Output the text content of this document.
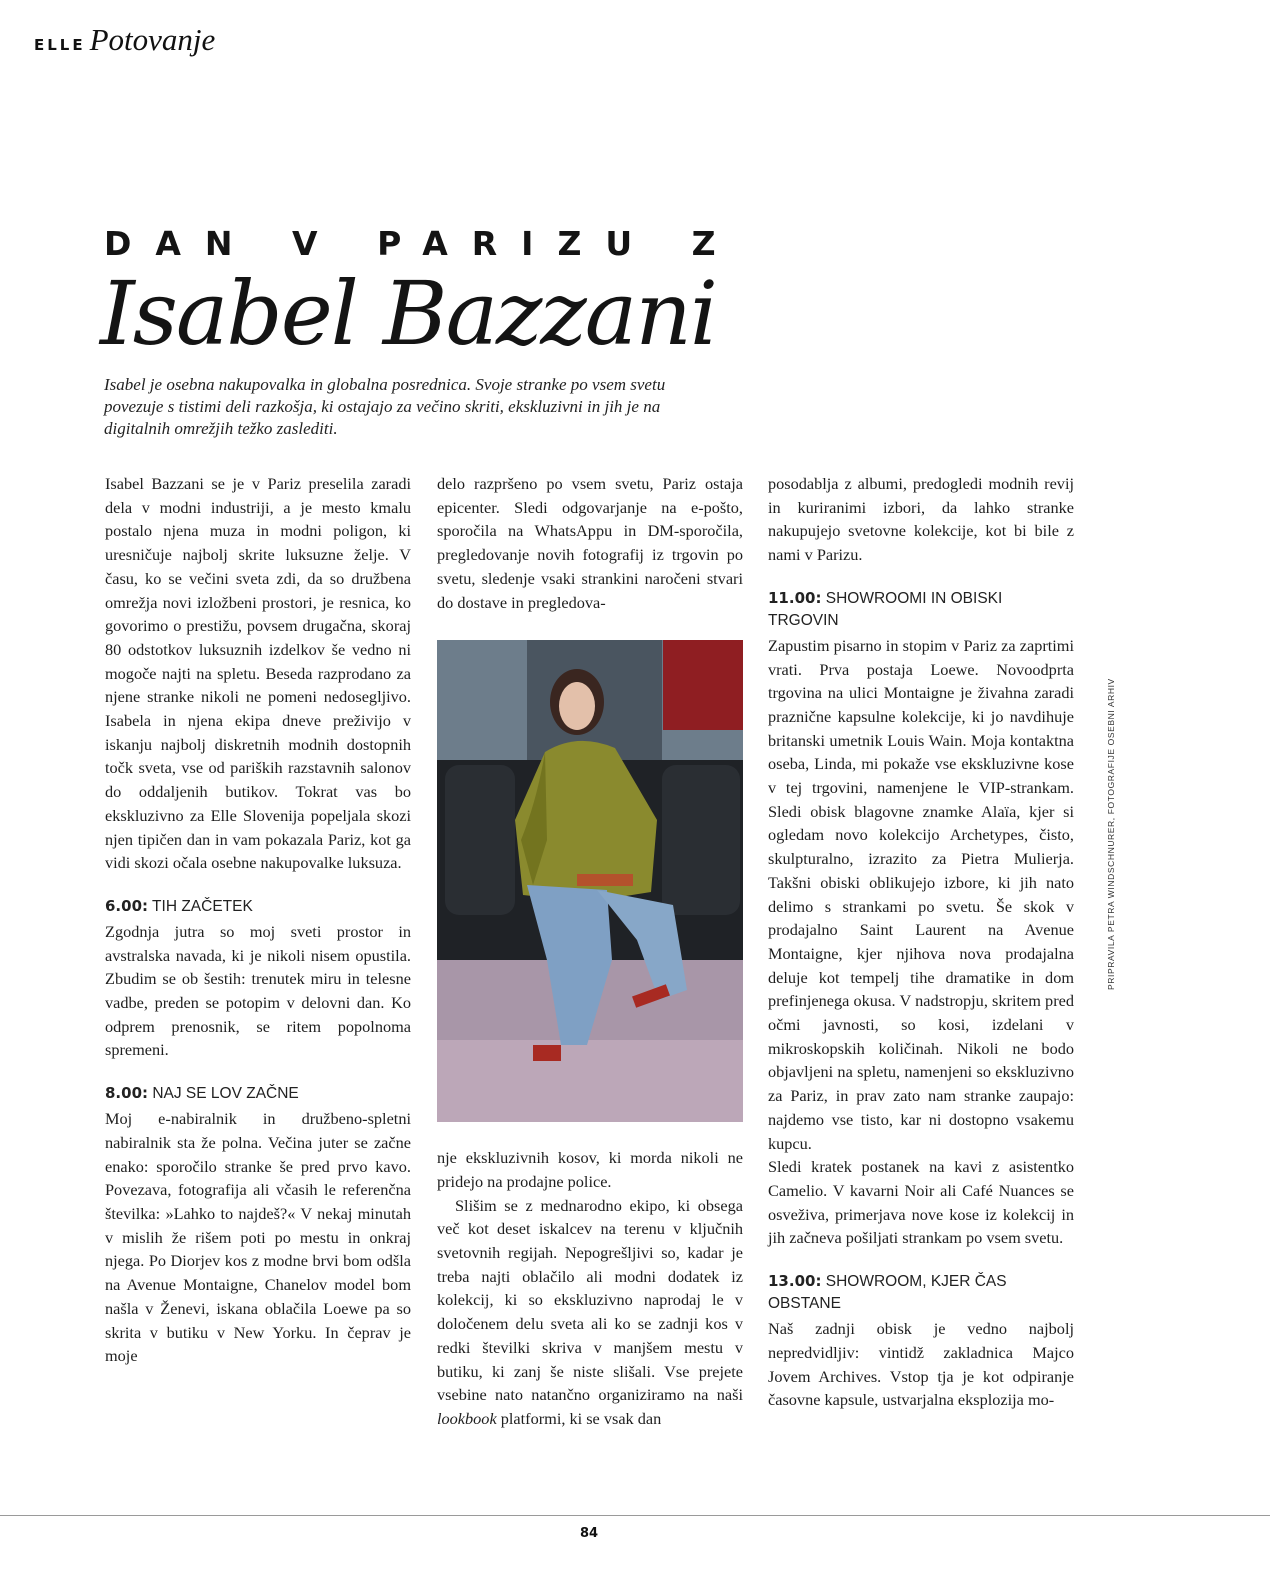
ELLE Potovanje
DAN V PARIZU Z
Isabel Bazzani
Isabel je osebna nakupovalka in globalna posrednica. Svoje stranke po vsem svetu povezuje s tistimi deli razkošja, ki ostajajo za večino skriti, ekskluzivni in jih je na digitalnih omrežjih težko zaslediti.

Isabel Bazzani se je v Pariz preselila zaradi dela v modni industriji, a je mesto kmalu postalo njena muza in modni poligon, ki uresničuje najbolj skrite luksuzne želje. V času, ko se večini sveta zdi, da so družbena omrežja novi izložbeni prostori, je resnica, ko govorimo o prestižu, povsem drugačna, skoraj 80 odstotkov luksuznih izdelkov še vedno ni mogoče najti na spletu. Beseda razprodano za njene stranke nikoli ne pomeni nedosegljivo. Isabela in njena ekipa dneve preživijo v iskanju najbolj diskretnih modnih dostopnih točk sveta, vse od pariških razstavnih salonov do oddaljenih butikov. Tokrat vas bo ekskluzivno za Elle Slovenija popeljala skozi njen tipičen dan in vam pokazala Pariz, kot ga vidi skozi očala osebne nakupovalke luksuza.

6.00: TIH ZAČETEK

Zgodnja jutra so moj sveti prostor in avstralska navada, ki je nikoli nisem opustila. Zbudim se ob šestih: trenutek miru in telesne vadbe, preden se potopim v delovni dan. Ko odprem prenosnik, se ritem popolnoma spremeni.

8.00: NAJ SE LOV ZAČNE

Moj e-nabiralnik in družbeno-spletni nabiralnik sta že polna. Večina juter se začne enako: sporočilo stranke še pred prvo kavo. Povezava, fotografija ali včasih le referenčna številka: »Lahko to najdeš?« V nekaj minutah v mislih že rišem poti po mestu in onkraj njega. Po Diorjev kos z modne brvi bom odšla na Avenue Montaigne, Chanelov model bom našla v Ženevi, iskana oblačila Loewe pa so skrita v butiku v New Yorku. In čeprav je moje

delo razpršeno po vsem svetu, Pariz ostaja epicenter. Sledi odgovarjanje na e-pošto, sporočila na WhatsAppu in DM-sporočila, pregledovanje novih fotografij iz trgovin po svetu, sledenje vsaki strankini naročeni stvari do dostave in pregledova-

nje ekskluzivnih kosov, ki morda nikoli ne pridejo na prodajne police.

Slišim se z mednarodno ekipo, ki obsega več kot deset iskalcev na terenu v ključnih svetovnih regijah. Nepogrešljivi so, kadar je treba najti oblačilo ali modni dodatek iz kolekcij, ki so ekskluzivno naprodaj le v določenem delu sveta ali ko se zadnji kos v redki številki skriva v manjšem mestu v butiku, ki zanj še niste slišali. Vse prejete vsebine nato natančno organiziramo na naši lookbook platformi, ki se vsak dan

posodablja z albumi, predogledi modnih revij in kuriranimi izbori, da lahko stranke nakupujejo svetovne kolekcije, kot bi bile z nami v Parizu.

11.00: SHOWROOMI IN OBISKI TRGOVIN

Zapustim pisarno in stopim v Pariz za zaprtimi vrati. Prva postaja Loewe. Novoodprta trgovina na ulici Montaigne je živahna zaradi praznične kapsulne kolekcije, ki jo navdihuje britanski umetnik Louis Wain. Moja kontaktna oseba, Linda, mi pokaže vse ekskluzivne kose v tej trgovini, namenjene le VIP-strankam. Sledi obisk blagovne znamke Alaïa, kjer si ogledam novo kolekcijo Archetypes, čisto, skulpturalno, izrazito za Pietra Mulierja. Takšni obiski oblikujejo izbore, ki jih nato delimo s strankami po svetu. Še skok v prodajalno Saint Laurent na Avenue Montaigne, kjer njihova nova prodajalna deluje kot tempelj tihe dramatike in dom prefinjenega okusa. V nadstropju, skritem pred očmi javnosti, so kosi, izdelani v mikroskopskih količinah. Nikoli ne bodo objavljeni na spletu, namenjeni so ekskluzivno za Pariz, in prav zato nam stranke zaupajo: najdemo vse tisto, kar ni dostopno vsakemu kupcu.

Sledi kratek postanek na kavi z asistentko Camelio. V kavarni Noir ali Café Nuances se osveživa, primerjava nove kose iz kolekcij in jih začneva pošiljati strankam po vsem svetu.

13.00: SHOWROOM, KJER ČAS OBSTANE

Naš zadnji obisk je vedno najbolj nepredvidljiv: vintidž zakladnica Majco Jovem Archives. Vstop tja je kot odpiranje časovne kapsule, ustvarjalna eksplozija mo-

PRIPRAVILA PETRA WINDSCHNURER, FOTOGRAFIJE OSEBNI ARHIV
84
